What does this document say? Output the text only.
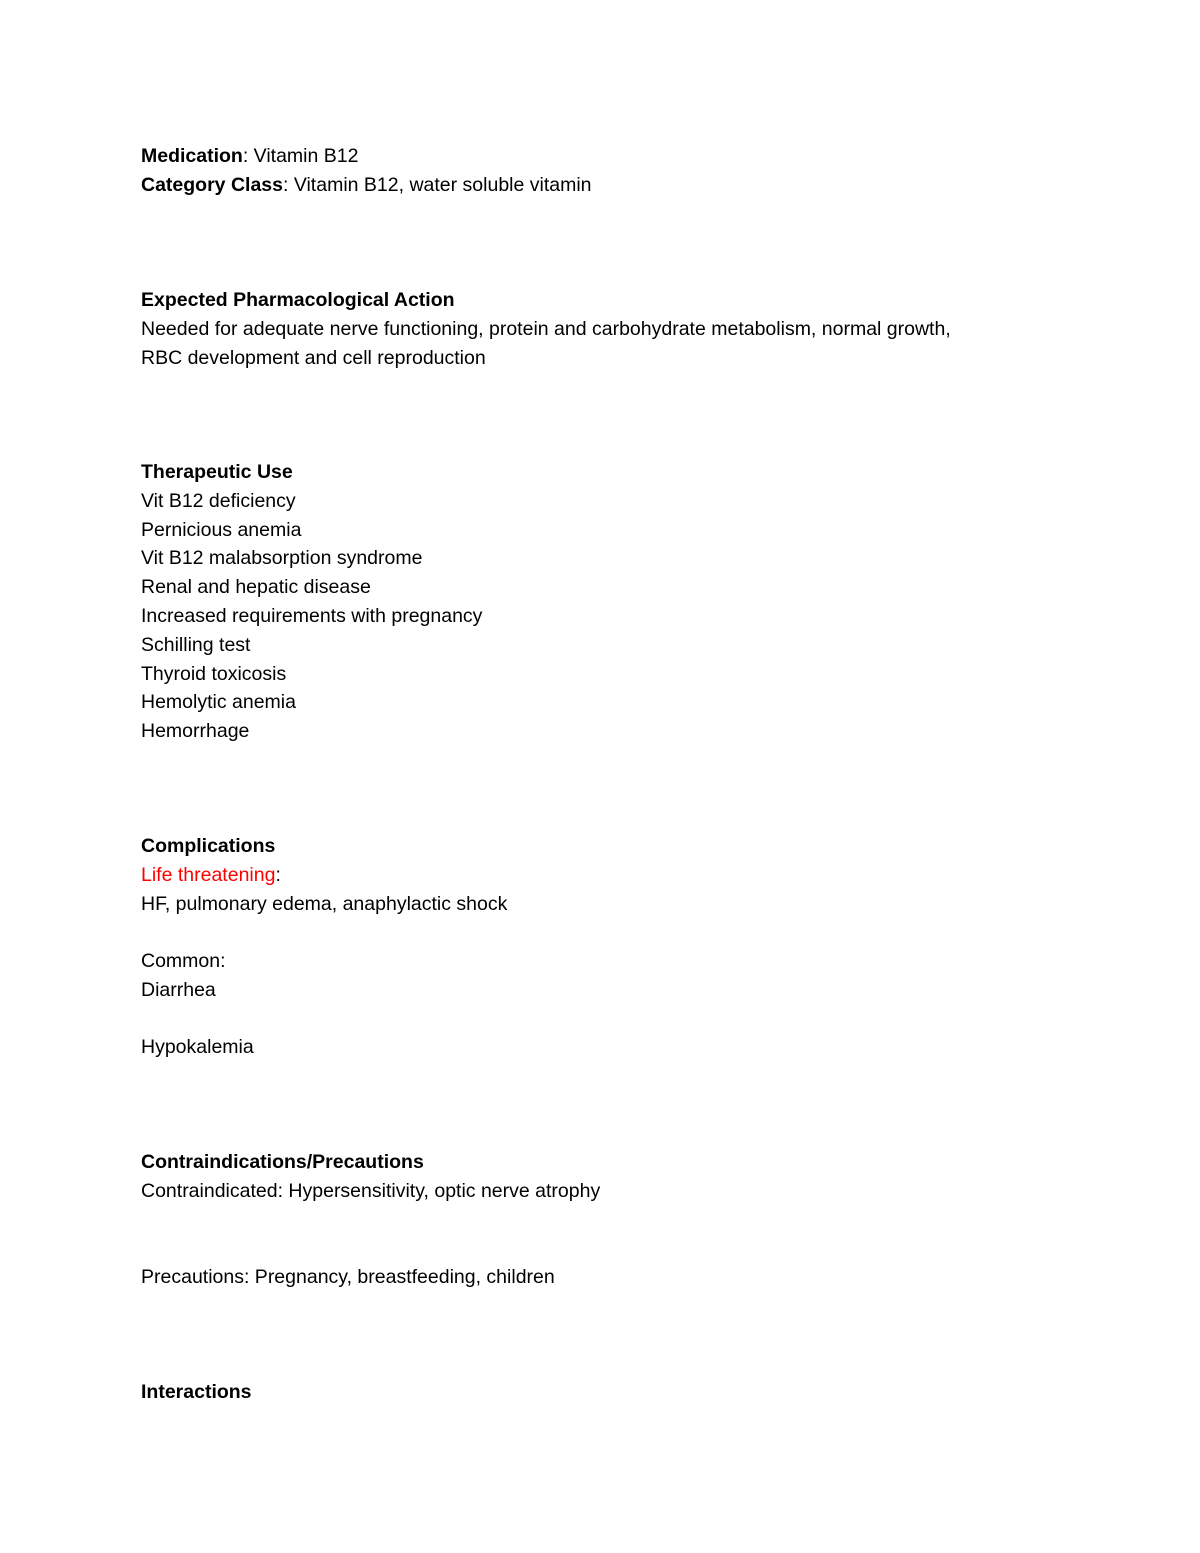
Medication: Vitamin B12
Category Class: Vitamin B12, water soluble vitamin
Expected Pharmacological Action
Needed for adequate nerve functioning, protein and carbohydrate metabolism, normal growth,
RBC development and cell reproduction
Therapeutic Use
Vit B12 deficiency
Pernicious anemia
Vit B12 malabsorption syndrome
Renal and hepatic disease
Increased requirements with pregnancy
Schilling test
Thyroid toxicosis
Hemolytic anemia
Hemorrhage
Complications
Life threatening:
HF, pulmonary edema, anaphylactic shock
Common:
Diarrhea
Hypokalemia
Contraindications/Precautions
Contraindicated: Hypersensitivity, optic nerve atrophy
Precautions: Pregnancy, breastfeeding, children
Interactions
